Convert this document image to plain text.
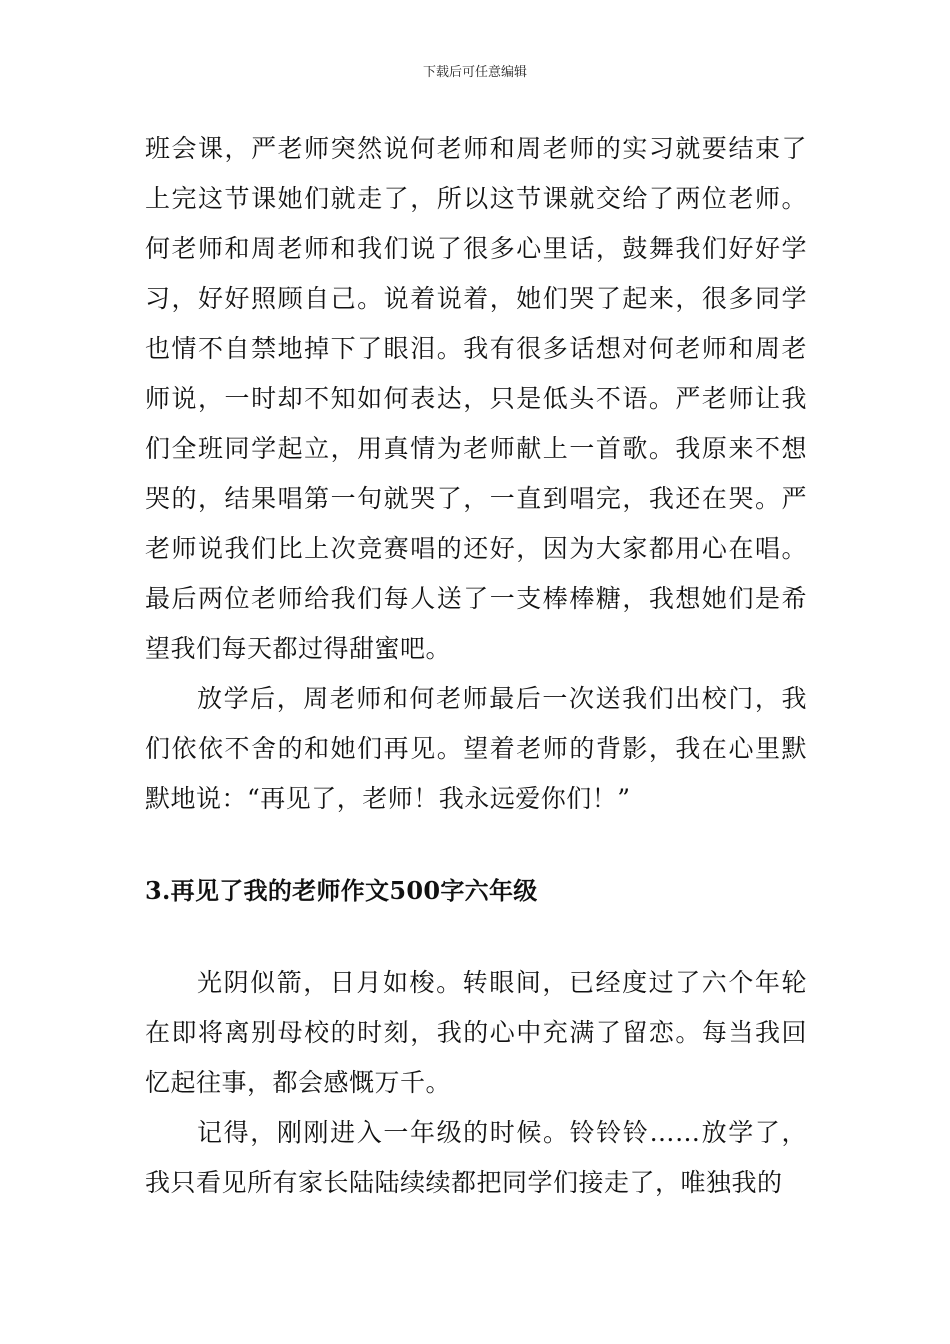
下载后可任意编辑

班会课，严老师突然说何老师和周老师的实习就要结束了上完这节课她们就走了，所以这节课就交给了两位老师。何老师和周老师和我们说了很多心里话，鼓舞我们好好学习，好好照顾自己。说着说着，她们哭了起来，很多同学也情不自禁地掉下了眼泪。我有很多话想对何老师和周老师说，一时却不知如何表达，只是低头不语。严老师让我们全班同学起立，用真情为老师献上一首歌。我原来不想哭的，结果唱第一句就哭了，一直到唱完，我还在哭。严老师说我们比上次竞赛唱的还好，因为大家都用心在唱。最后两位老师给我们每人送了一支棒棒糖，我想她们是希望我们每天都过得甜蜜吧。

放学后，周老师和何老师最后一次送我们出校门，我们依依不舍的和她们再见。望着老师的背影，我在心里默默地说：“再见了，老师！我永远爱你们！”

3.再见了我的老师作文500字六年级

光阴似箭，日月如梭。转眼间，已经度过了六个年轮在即将离别母校的时刻，我的心中充满了留恋。每当我回忆起往事，都会感慨万千。

记得，刚刚进入一年级的时候。铃铃铃……放学了，我只看见所有家长陆陆续续都把同学们接走了，唯独我的
